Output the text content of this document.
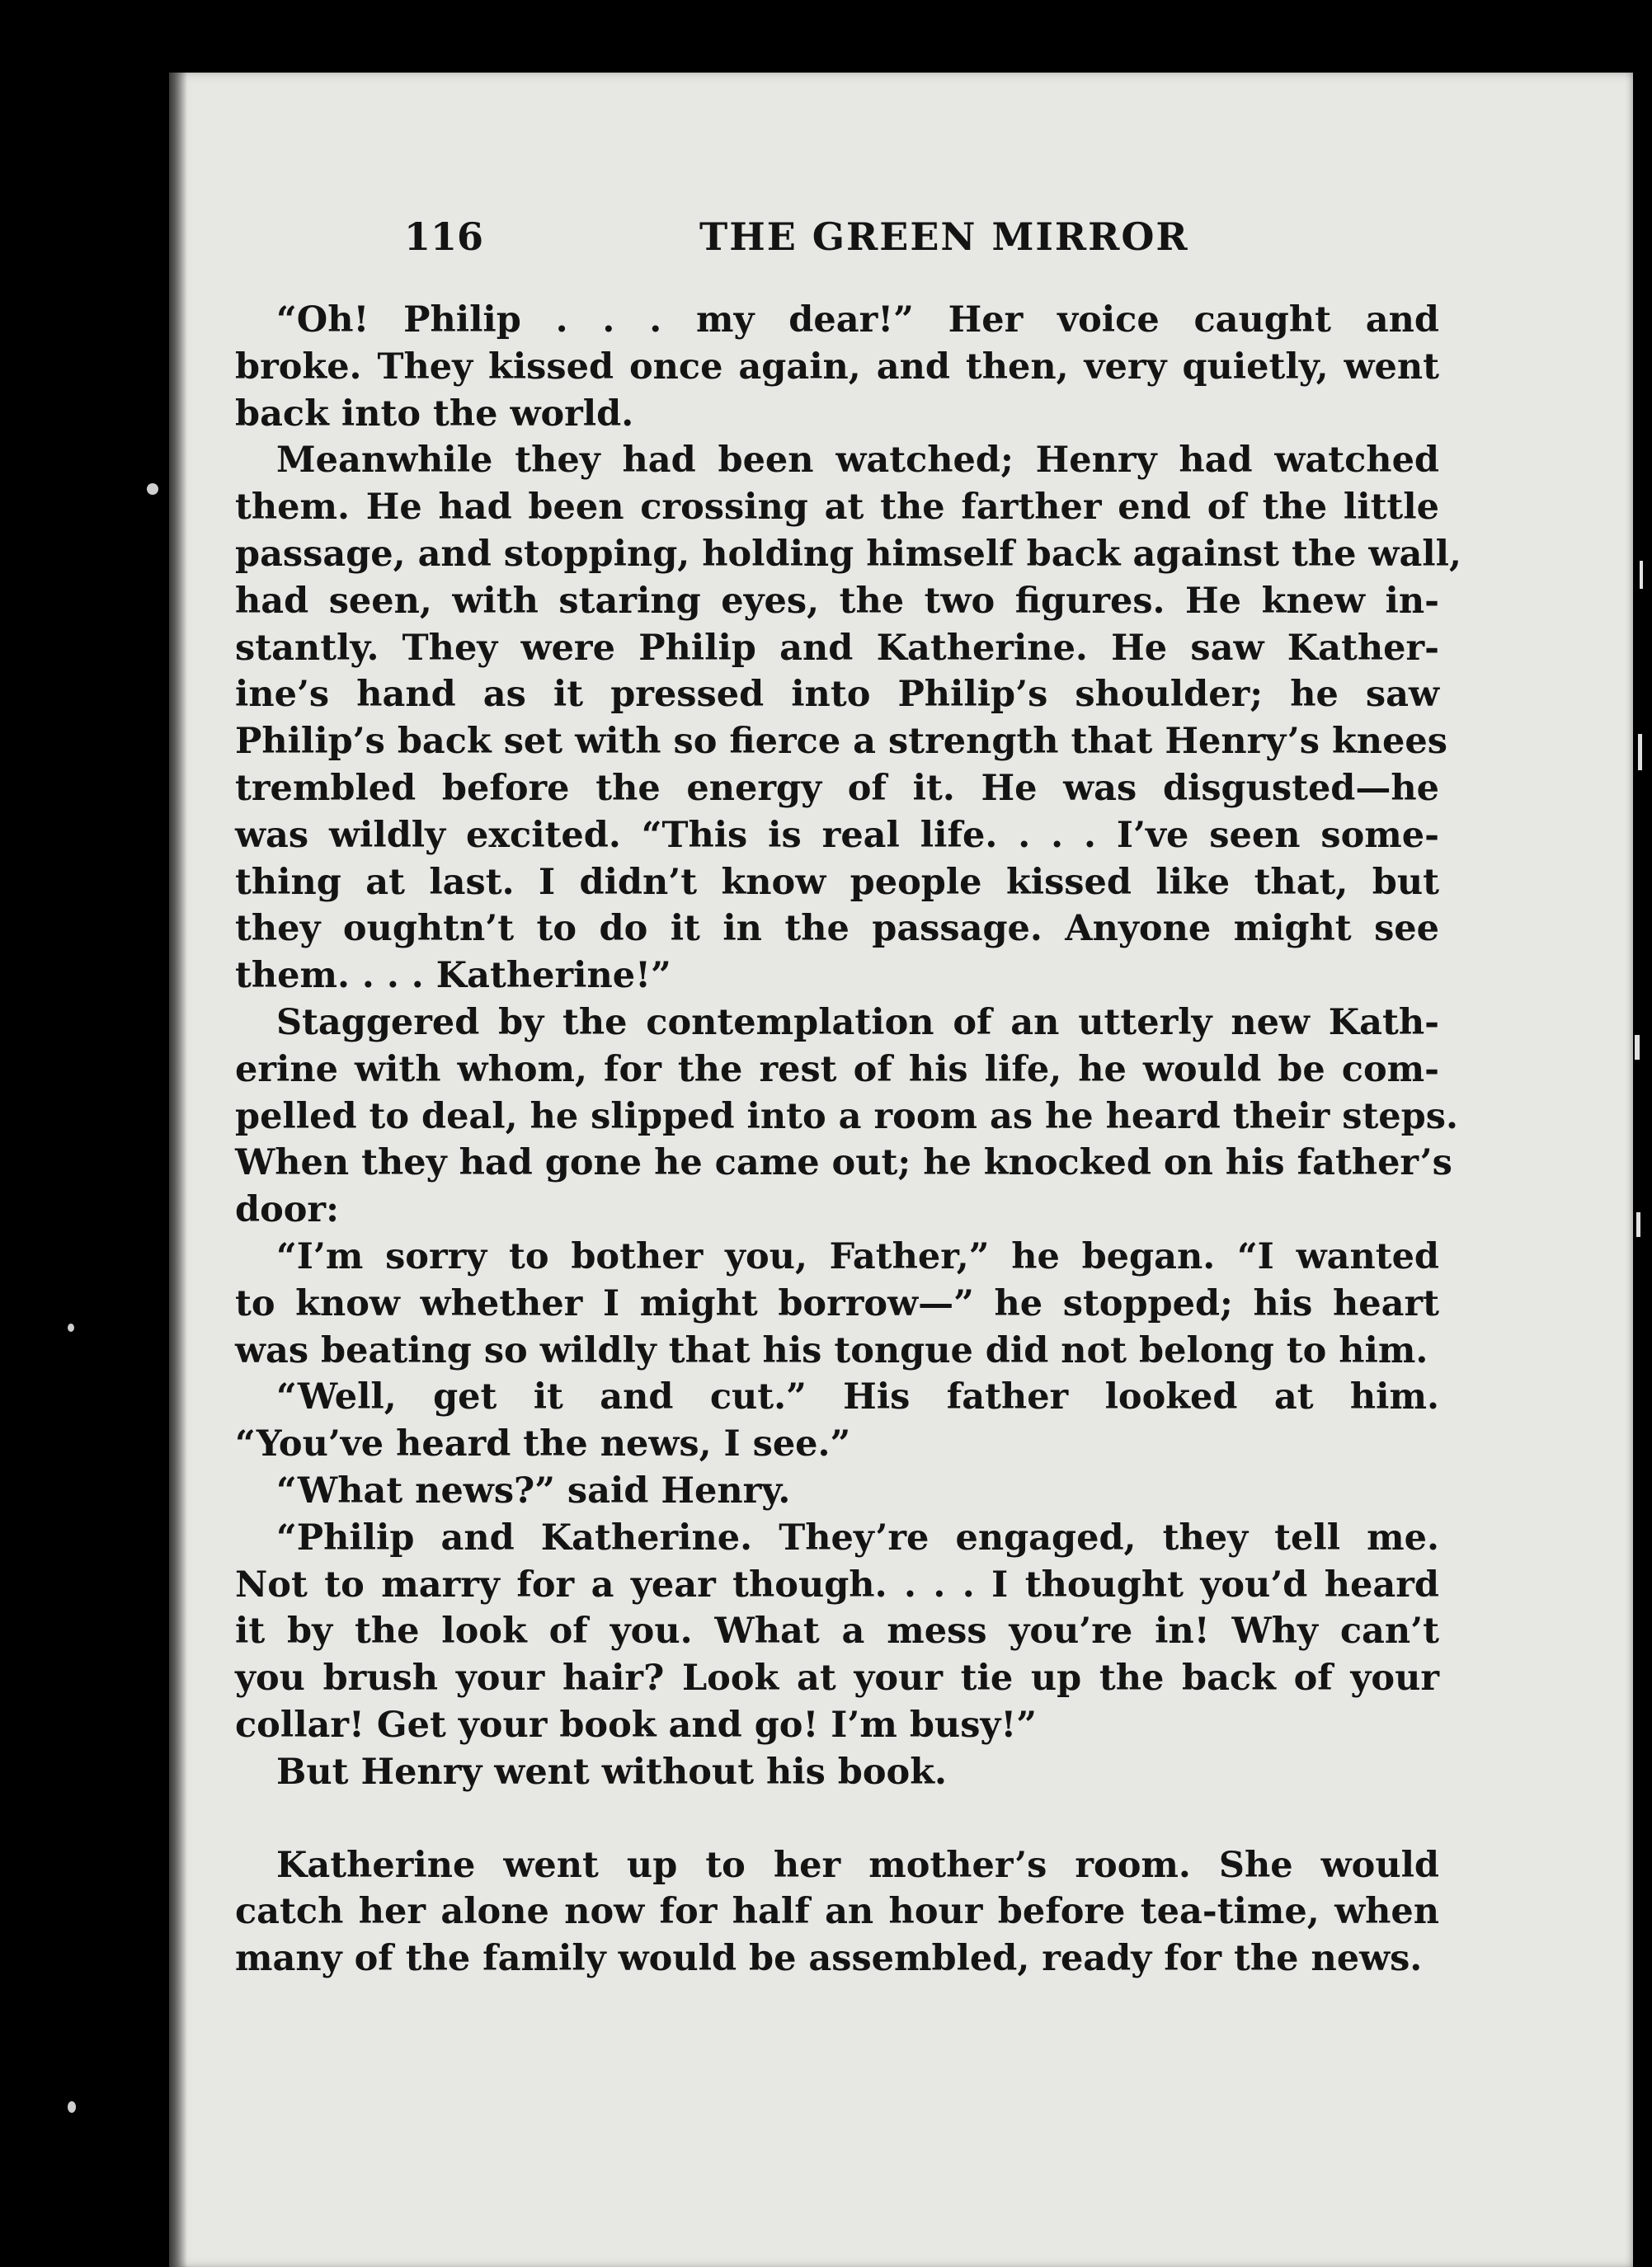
116	THE GREEN MIRROR
“Oh! Philip . . . my dear!” Her voice caught and
broke. They kissed once again, and then, very quietly, went
back into the world.
Meanwhile they had been watched; Henry had watched
them. He had been crossing at the farther end of the little
passage, and stopping, holding himself back against the wall,
had seen, with staring eyes, the two figures. He knew in-
stantly. They were Philip and Katherine. He saw Kather-
ine’s hand as it pressed into Philip’s shoulder; he saw
Philip’s back set with so fierce a strength that Henry’s knees
trembled before the energy of it. He was disgusted—he
was wildly excited. “This is real life. . . . I’ve seen some-
thing at last. I didn’t know people kissed like that, but
they oughtn’t to do it in the passage. Anyone might see
them. . . . Katherine!”
Staggered by the contemplation of an utterly new Kath-
erine with whom, for the rest of his life, he would be com-
pelled to deal, he slipped into a room as he heard their steps.
When they had gone he came out; he knocked on his father’s
door:
“I’m sorry to bother you, Father,” he began. “I wanted
to know whether I might borrow—” he stopped; his heart
was beating so wildly that his tongue did not belong to him.
“Well, get it and cut.” His father looked at him.
“You’ve heard the news, I see.”
“What news?” said Henry.
“Philip and Katherine. They’re engaged, they tell me.
Not to marry for a year though. . . . I thought you’d heard
it by the look of you. What a mess you’re in! Why can’t
you brush your hair? Look at your tie up the back of your
collar! Get your book and go! I’m busy!”
But Henry went without his book.
Katherine went up to her mother’s room. She would
catch her alone now for half an hour before tea-time, when
many of the family would be assembled, ready for the news.
